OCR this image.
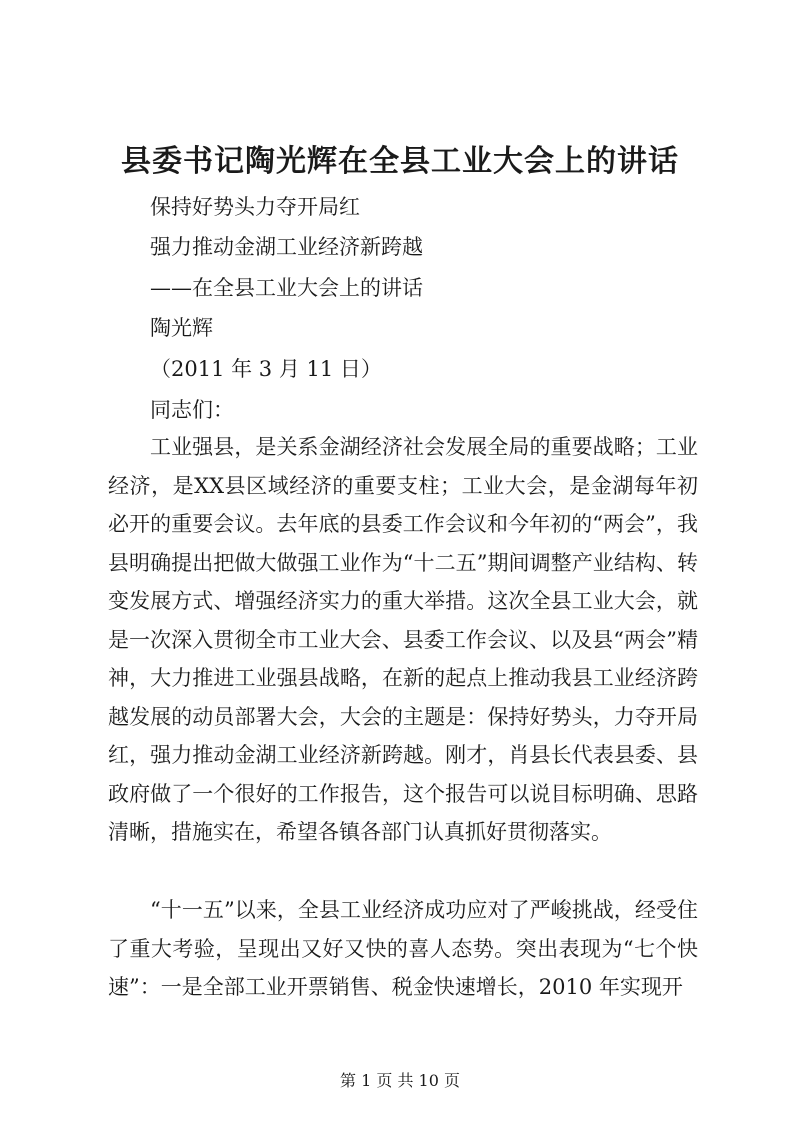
县委书记陶光辉在全县工业大会上的讲话
保持好势头力夺开局红
强力推动金湖工业经济新跨越
——在全县工业大会上的讲话
陶光辉
（2011 年 3 月 11 日）
同志们：

工业强县，是关系金湖经济社会发展全局的重要战略；工业经济，是XX县区域经济的重要支柱；工业大会，是金湖每年初必开的重要会议。去年底的县委工作会议和今年初的“两会”，我县明确提出把做大做强工业作为“十二五”期间调整产业结构、转变发展方式、增强经济实力的重大举措。这次全县工业大会，就是一次深入贯彻全市工业大会、县委工作会议、以及县“两会”精神，大力推进工业强县战略，在新的起点上推动我县工业经济跨越发展的动员部署大会，大会的主题是：保持好势头，力夺开局红，强力推动金湖工业经济新跨越。刚才，肖县长代表县委、县政府做了一个很好的工作报告，这个报告可以说目标明确、思路清晰，措施实在，希望各镇各部门认真抓好贯彻落实。

“十一五”以来，全县工业经济成功应对了严峻挑战，经受住了重大考验，呈现出又好又快的喜人态势。突出表现为“七个快速”：一是全部工业开票销售、税金快速增长，2010 年实现开

第 1 页 共 10 页
